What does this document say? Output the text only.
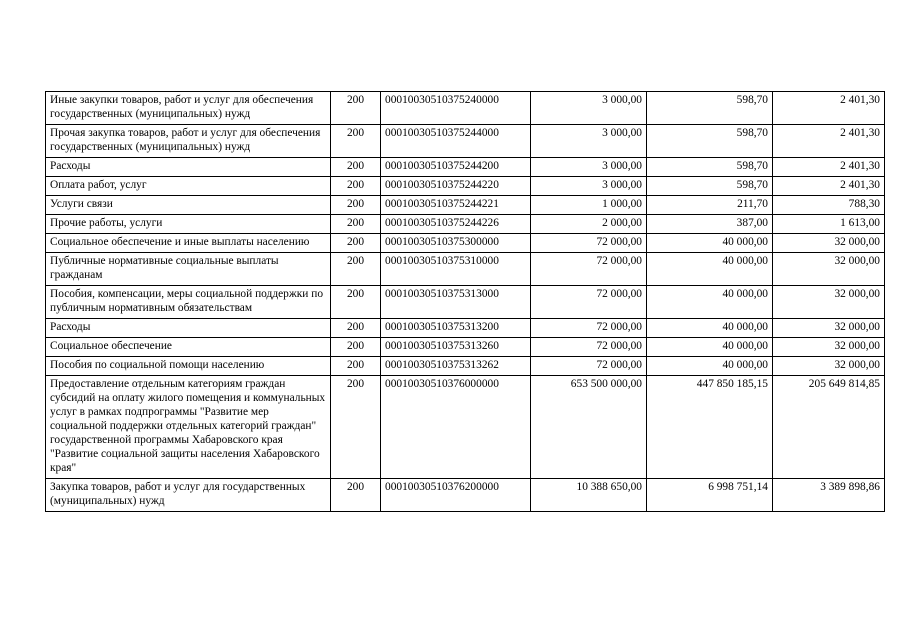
Иные закупки товаров, работ и услуг для обеспечения государственных (муниципальных) нужд	200	00010030510375240000	3 000,00	598,70	2 401,30
Прочая закупка товаров, работ и услуг для обеспечения государственных (муниципальных) нужд	200	00010030510375244000	3 000,00	598,70	2 401,30
Расходы	200	00010030510375244200	3 000,00	598,70	2 401,30
Оплата работ, услуг	200	00010030510375244220	3 000,00	598,70	2 401,30
Услуги связи	200	00010030510375244221	1 000,00	211,70	788,30
Прочие работы, услуги	200	00010030510375244226	2 000,00	387,00	1 613,00
Социальное обеспечение и иные выплаты населению	200	00010030510375300000	72 000,00	40 000,00	32 000,00
Публичные нормативные социальные выплаты гражданам	200	00010030510375310000	72 000,00	40 000,00	32 000,00
Пособия, компенсации, меры социальной поддержки по публичным нормативным обязательствам	200	00010030510375313000	72 000,00	40 000,00	32 000,00
Расходы	200	00010030510375313200	72 000,00	40 000,00	32 000,00
Социальное обеспечение	200	00010030510375313260	72 000,00	40 000,00	32 000,00
Пособия по социальной помощи населению	200	00010030510375313262	72 000,00	40 000,00	32 000,00
Предоставление отдельным категориям граждан субсидий на оплату жилого помещения и коммунальных услуг в рамках подпрограммы "Развитие мер социальной поддержки отдельных категорий граждан" государственной программы Хабаровского края "Развитие социальной защиты населения Хабаровского края"	200	00010030510376000000	653 500 000,00	447 850 185,15	205 649 814,85
Закупка товаров, работ и услуг для государственных (муниципальных) нужд	200	00010030510376200000	10 388 650,00	6 998 751,14	3 389 898,86
